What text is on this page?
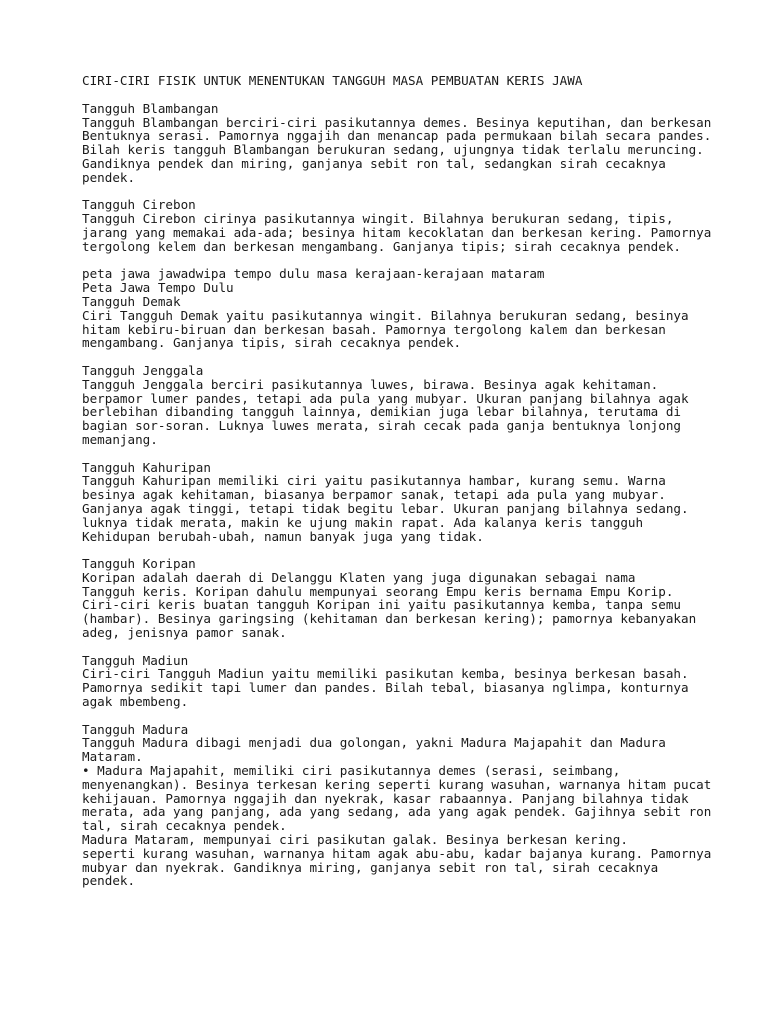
CIRI-CIRI FISIK UNTUK MENENTUKAN TANGGUH MASA PEMBUATAN KERIS JAWA
Tangguh Blambangan
Tangguh Blambangan berciri-ciri pasikutannya demes. Besinya keputihan, dan berkesan
Bentuknya serasi. Pamornya nggajih dan menancap pada permukaan bilah secara pandes.
Bilah keris tangguh Blambangan berukuran sedang, ujungnya tidak terlalu meruncing.
Gandiknya pendek dan miring, ganjanya sebit ron tal, sedangkan sirah cecaknya
pendek.
Tangguh Cirebon
Tangguh Cirebon cirinya pasikutannya wingit. Bilahnya berukuran sedang, tipis,
jarang yang memakai ada-ada; besinya hitam kecoklatan dan berkesan kering. Pamornya
tergolong kelem dan berkesan mengambang. Ganjanya tipis; sirah cecaknya pendek.
peta jawa jawadwipa tempo dulu masa kerajaan-kerajaan mataram
Peta Jawa Tempo Dulu
Tangguh Demak
Ciri Tangguh Demak yaitu pasikutannya wingit. Bilahnya berukuran sedang, besinya
hitam kebiru-biruan dan berkesan basah. Pamornya tergolong kalem dan berkesan
mengambang. Ganjanya tipis, sirah cecaknya pendek.
Tangguh Jenggala
Tangguh Jenggala berciri pasikutannya luwes, birawa. Besinya agak kehitaman.
berpamor lumer pandes, tetapi ada pula yang mubyar. Ukuran panjang bilahnya agak
berlebihan dibanding tangguh lainnya, demikian juga lebar bilahnya, terutama di
bagian sor-soran. Luknya luwes merata, sirah cecak pada ganja bentuknya lonjong
memanjang.
Tangguh Kahuripan
Tangguh Kahuripan memiliki ciri yaitu pasikutannya hambar, kurang semu. Warna
besinya agak kehitaman, biasanya berpamor sanak, tetapi ada pula yang mubyar.
Ganjanya agak tinggi, tetapi tidak begitu lebar. Ukuran panjang bilahnya sedang.
luknya tidak merata, makin ke ujung makin rapat. Ada kalanya keris tangguh
Kehidupan berubah-ubah, namun banyak juga yang tidak.
Tangguh Koripan
Koripan adalah daerah di Delanggu Klaten yang juga digunakan sebagai nama
Tangguh keris. Koripan dahulu mempunyai seorang Empu keris bernama Empu Korip.
Ciri-ciri keris buatan tangguh Koripan ini yaitu pasikutannya kemba, tanpa semu
(hambar). Besinya garingsing (kehitaman dan berkesan kering); pamornya kebanyakan
adeg, jenisnya pamor sanak.
Tangguh Madiun
Ciri-ciri Tangguh Madiun yaitu memiliki pasikutan kemba, besinya berkesan basah.
Pamornya sedikit tapi lumer dan pandes. Bilah tebal, biasanya nglimpa, konturnya
agak mbembeng.
Tangguh Madura
Tangguh Madura dibagi menjadi dua golongan, yakni Madura Majapahit dan Madura
Mataram.
• Madura Majapahit, memiliki ciri pasikutannya demes (serasi, seimbang,
menyenangkan). Besinya terkesan kering seperti kurang wasuhan, warnanya hitam pucat
kehijauan. Pamornya nggajih dan nyekrak, kasar rabaannya. Panjang bilahnya tidak
merata, ada yang panjang, ada yang sedang, ada yang agak pendek. Gajihnya sebit ron
tal, sirah cecaknya pendek.
Madura Mataram, mempunyai ciri pasikutan galak. Besinya berkesan kering.
seperti kurang wasuhan, warnanya hitam agak abu-abu, kadar bajanya kurang. Pamornya
mubyar dan nyekrak. Gandiknya miring, ganjanya sebit ron tal, sirah cecaknya
pendek.
